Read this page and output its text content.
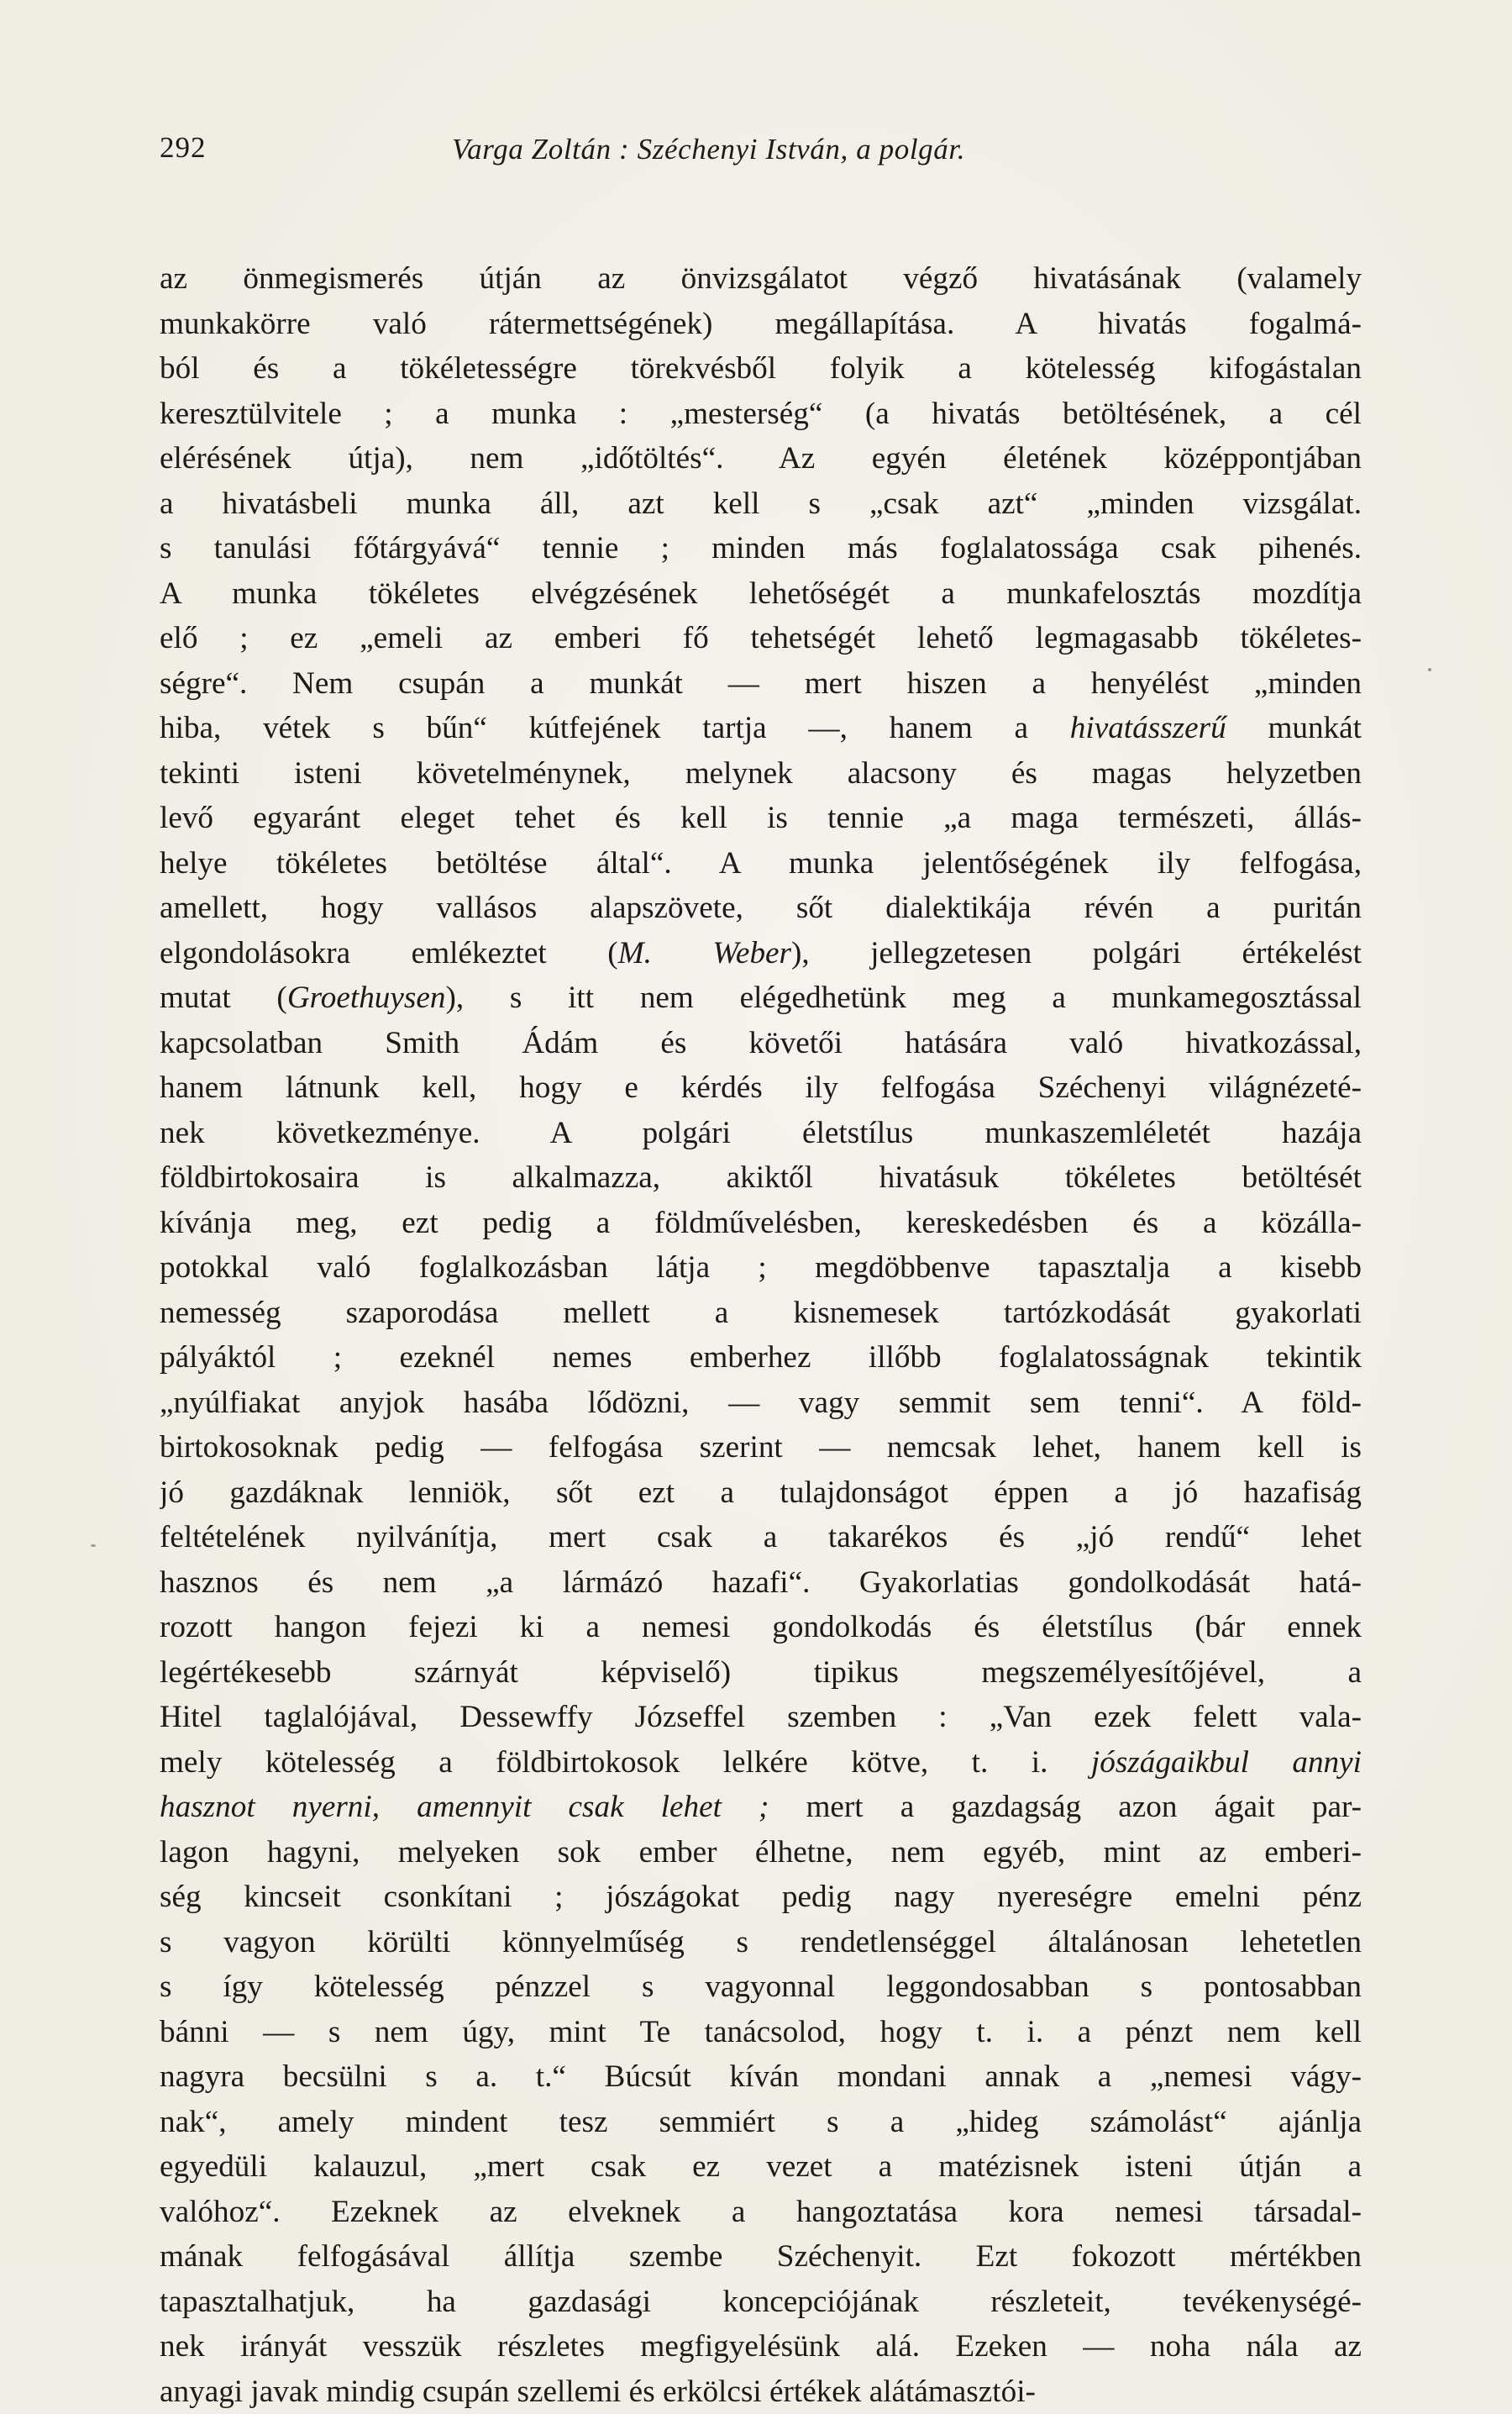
292	Varga Zoltán : Széchenyi István, a polgár.
az önmegismerés útján az önvizsgálatot végző hivatásának (valamely
munkakörre való rátermettségének) megállapítása. A hivatás fogalmá-
ból és a tökéletességre törekvésből folyik a kötelesség kifogástalan
keresztülvitele ; a munka : „mesterség“ (a hivatás betöltésének, a cél
elérésének útja), nem „időtöltés“. Az egyén életének középpontjában
a hivatásbeli munka áll, azt kell s „csak azt“ „minden vizsgálat.
s tanulási főtárgyává“ tennie ; minden más foglalatossága csak pihenés.
A munka tökéletes elvégzésének lehetőségét a munkafelosztás mozdítja
elő ; ez „emeli az emberi fő tehetségét lehető legmagasabb tökéletes-
ségre“. Nem csupán a munkát — mert hiszen a henyélést „minden
hiba, vétek s bűn“ kútfejének tartja —, hanem a hivatásszerű munkát
tekinti isteni követelménynek, melynek alacsony és magas helyzetben
levő egyaránt eleget tehet és kell is tennie „a maga természeti, állás-
helye tökéletes betöltése által“. A munka jelentőségének ily felfogása,
amellett, hogy vallásos alapszövete, sőt dialektikája révén a puritán
elgondolásokra emlékeztet (M. Weber), jellegzetesen polgári értékelést
mutat (Groethuysen), s itt nem elégedhetünk meg a munkamegosztással
kapcsolatban Smith Ádám és követői hatására való hivatkozással,
hanem látnunk kell, hogy e kérdés ily felfogása Széchenyi világnézeté-
nek következménye. A polgári életstílus munkaszemléletét hazája
földbirtokosaira is alkalmazza, akiktől hivatásuk tökéletes betöltését
kívánja meg, ezt pedig a földművelésben, kereskedésben és a közálla-
potokkal való foglalkozásban látja ; megdöbbenve tapasztalja a kisebb
nemesség szaporodása mellett a kisnemesek tartózkodását gyakorlati
pályáktól ; ezeknél nemes emberhez illőbb foglalatosságnak tekintik
„nyúlfiakat anyjok hasába lődözni, — vagy semmit sem tenni“. A föld-
birtokosoknak pedig — felfogása szerint — nemcsak lehet, hanem kell is
jó gazdáknak lenniök, sőt ezt a tulajdonságot éppen a jó hazafiság
feltételének nyilvánítja, mert csak a takarékos és „jó rendű“ lehet
hasznos és nem „a lármázó hazafi“. Gyakorlatias gondolkodását hatá-
rozott hangon fejezi ki a nemesi gondolkodás és életstílus (bár ennek
legértékesebb szárnyát képviselő) tipikus megszemélyesítőjével, a
Hitel taglalójával, Dessewffy Józseffel szemben : „Van ezek felett vala-
mely kötelesség a földbirtokosok lelkére kötve, t. i. jószágaikbul annyi
hasznot nyerni, amennyit csak lehet ; mert a gazdagság azon ágait par-
lagon hagyni, melyeken sok ember élhetne, nem egyéb, mint az emberi-
ség kincseit csonkítani ; jószágokat pedig nagy nyereségre emelni pénz
s vagyon körülti könnyelműség s rendetlenséggel általánosan lehetetlen
s így kötelesség pénzzel s vagyonnal leggondosabban s pontosabban
bánni — s nem úgy, mint Te tanácsolod, hogy t. i. a pénzt nem kell
nagyra becsülni s a. t.“ Búcsút kíván mondani annak a „nemesi vágy-
nak“, amely mindent tesz semmiért s a „hideg számolást“ ajánlja
egyedüli kalauzul, „mert csak ez vezet a matézisnek isteni útján a
valóhoz“. Ezeknek az elveknek a hangoztatása kora nemesi társadal-
mának felfogásával állítja szembe Széchenyit. Ezt fokozott mértékben
tapasztalhatjuk, ha gazdasági koncepciójának részleteit, tevékenységé-
nek irányát vesszük részletes megfigyelésünk alá. Ezeken — noha nála az
anyagi javak mindig csupán szellemi és erkölcsi értékek alátámasztói-
